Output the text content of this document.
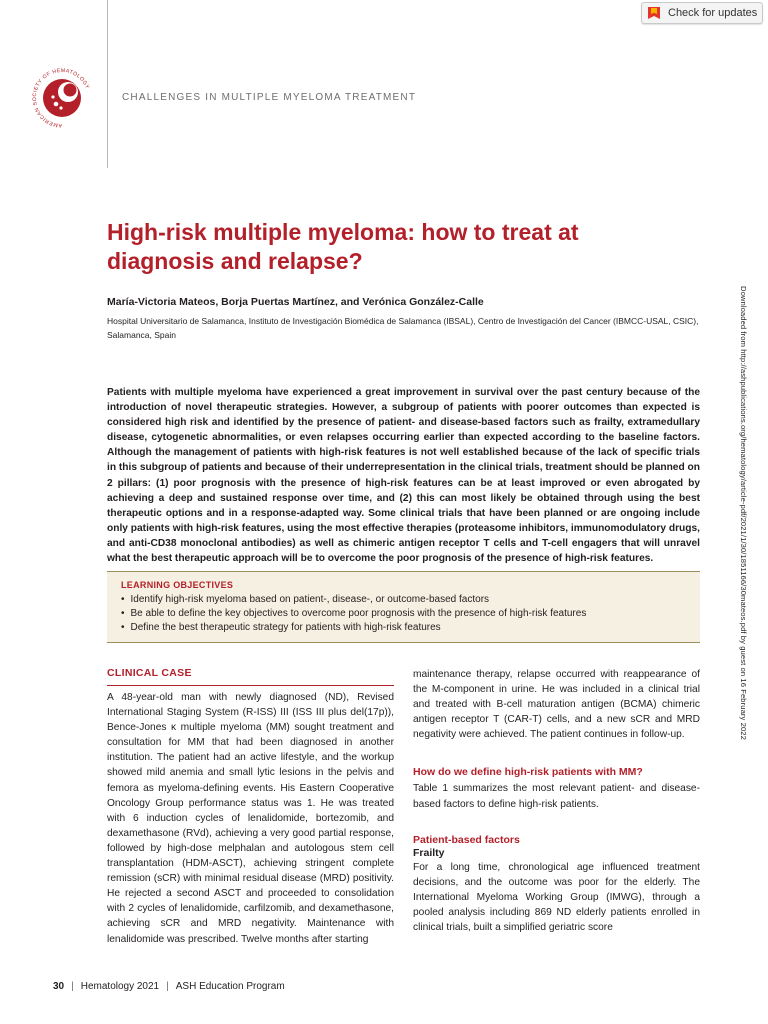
AMERICAN SOCIETY OF HEMATOLOGY
CHALLENGES IN MULTIPLE MYELOMA TREATMENT
Check for updates
High-risk multiple myeloma: how to treat at diagnosis and relapse?
María-Victoria Mateos, Borja Puertas Martínez, and Verónica González-Calle
Hospital Universitario de Salamanca, Instituto de Investigación Biomédica de Salamanca (IBSAL), Centro de Investigación del Cancer (IBMCC-USAL, CSIC), Salamanca, Spain

Patients with multiple myeloma have experienced a great improvement in survival over the past century because of the introduction of novel therapeutic strategies. However, a subgroup of patients with poorer outcomes than expected is considered high risk and identified by the presence of patient- and disease-based factors such as frailty, extramedullary disease, cytogenetic abnormalities, or even relapses occurring earlier than expected according to the baseline factors. Although the management of patients with high-risk features is not well established because of the lack of specific trials in this subgroup of patients and because of their underrepresentation in the clinical trials, treatment should be planned on 2 pillars: (1) poor prognosis with the presence of high-risk features can be at least improved or even abrogated by achieving a deep and sustained response over time, and (2) this can most likely be obtained through using the best therapeutic options and in a response-adapted way. Some clinical trials that have been planned or are ongoing include only patients with high-risk features, using the most effective therapies (proteasome inhibitors, immunomodulatory drugs, and anti-CD38 monoclonal antibodies) as well as chimeric antigen receptor T cells and T-cell engagers that will unravel what the best therapeutic approach will be to overcome the poor prognosis of the presence of high-risk features.

LEARNING OBJECTIVES
• Identify high-risk myeloma based on patient-, disease-, or outcome-based factors
• Be able to define the key objectives to overcome poor prognosis with the presence of high-risk features
• Define the best therapeutic strategy for patients with high-risk features
CLINICAL CASE

A 48-year-old man with newly diagnosed (ND), Revised International Staging System (R-ISS) III (ISS III plus del(17p)), Bence-Jones κ multiple myeloma (MM) sought treatment and consultation for MM that had been diagnosed in another institution. The patient had an active lifestyle, and the workup showed mild anemia and small lytic lesions in the pelvis and femora as myeloma-defining events. His Eastern Cooperative Oncology Group performance status was 1. He was treated with 6 induction cycles of lenalidomide, bortezomib, and dexamethasone (RVd), achieving a very good partial response, followed by high-dose melphalan and autologous stem cell transplantation (HDM-ASCT), achieving stringent complete remission (sCR) with minimal residual disease (MRD) positivity. He rejected a second ASCT and proceeded to consolidation with 2 cycles of lenalidomide, carfilzomib, and dexamethasone, achieving sCR and MRD negativity. Maintenance with lenalidomide was prescribed. Twelve months after starting

maintenance therapy, relapse occurred with reappearance of the M-component in urine. He was included in a clinical trial and treated with B-cell maturation antigen (BCMA) chimeric antigen receptor T (CAR-T) cells, and a new sCR and MRD negativity were achieved. The patient continues in follow-up.

How do we define high-risk patients with MM?

Table 1 summarizes the most relevant patient- and disease-based factors to define high-risk patients.

Patient-based factors

Frailty

For a long time, chronological age influenced treatment decisions, and the outcome was poor for the elderly. The International Myeloma Working Group (IMWG), through a pooled analysis including 869 ND elderly patients enrolled in clinical trials, built a simplified geriatric score

Downloaded from http://ashpublications.org/hematology/article-pdf/2021/1/30/1851166/30mateos.pdf by guest on 16 February 2022
30 | Hematology 2021 | ASH Education Program
